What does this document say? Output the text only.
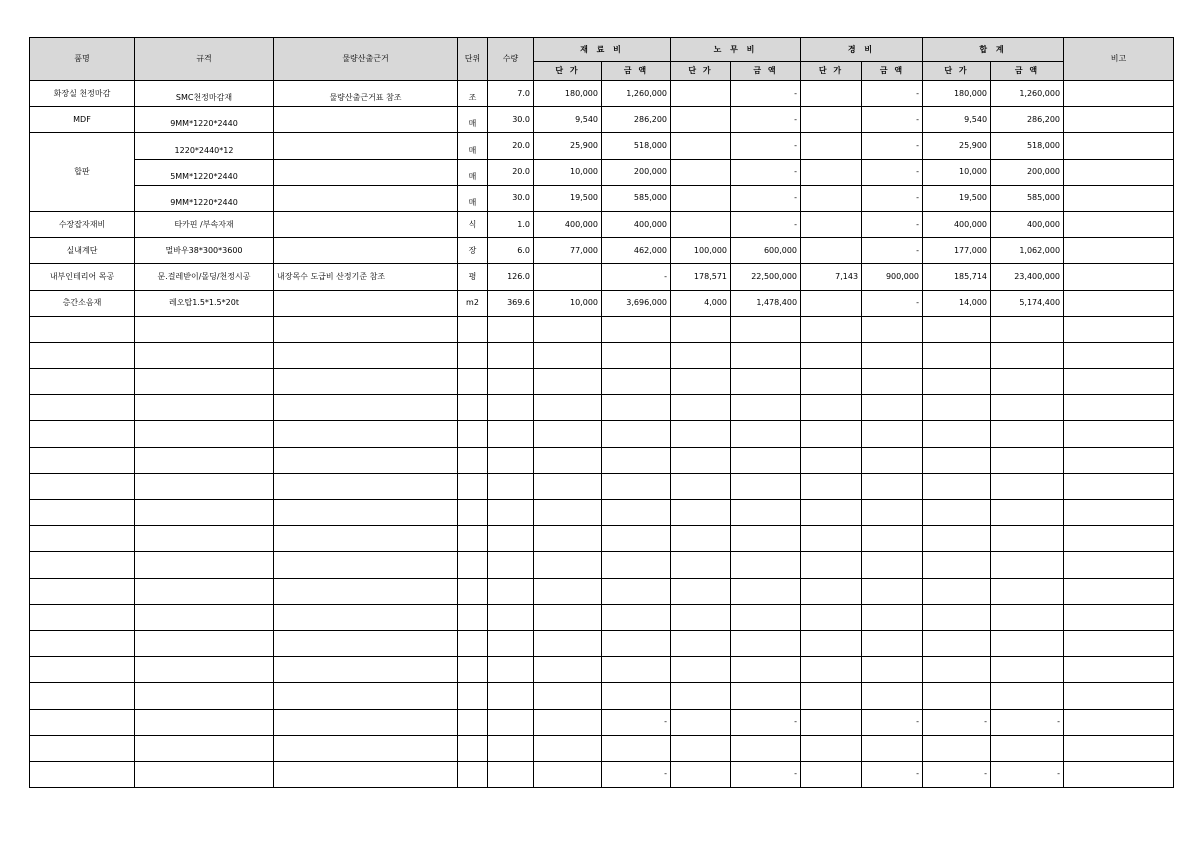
품명	규격	물량산출근거	단위	수량	재 료 비		노 무 비		경 비		합 계		비고
					단 가	금 액	단 가	금 액	단 가	금 액	단 가	금 액	
화장실 천정마감	SMC천정마감재	물량산출근거표 참조	조	7.0	180,000	1,260,000		-		-	180,000	1,260,000	
MDF	9MM*1220*2440		매	30.0	9,540	286,200		-		-	9,540	286,200	
합판	1220*2440*12		매	20.0	25,900	518,000		-		-	25,900	518,000	
	5MM*1220*2440		매	20.0	10,000	200,000		-		-	10,000	200,000	
	9MM*1220*2440		매	30.0	19,500	585,000		-		-	19,500	585,000	
수장잡자재비	타카핀 /부속자재		식	1.0	400,000	400,000		-		-	400,000	400,000	
실내계단	멀바우38*300*3600		장	6.0	77,000	462,000	100,000	600,000		-	177,000	1,062,000	
내부인테리어 목공	문.걸레받이/몰딩/천정시공	내장목수 도급비 산정기준 참조	평	126.0		-	178,571	22,500,000	7,143	900,000	185,714	23,400,000	
층간소음재	레오탑1.5*1.5*20t		m2	369.6	10,000	3,696,000	4,000	1,478,400		-	14,000	5,174,400	

						-		-		-	-	-	

						-		-		-	-	-	
